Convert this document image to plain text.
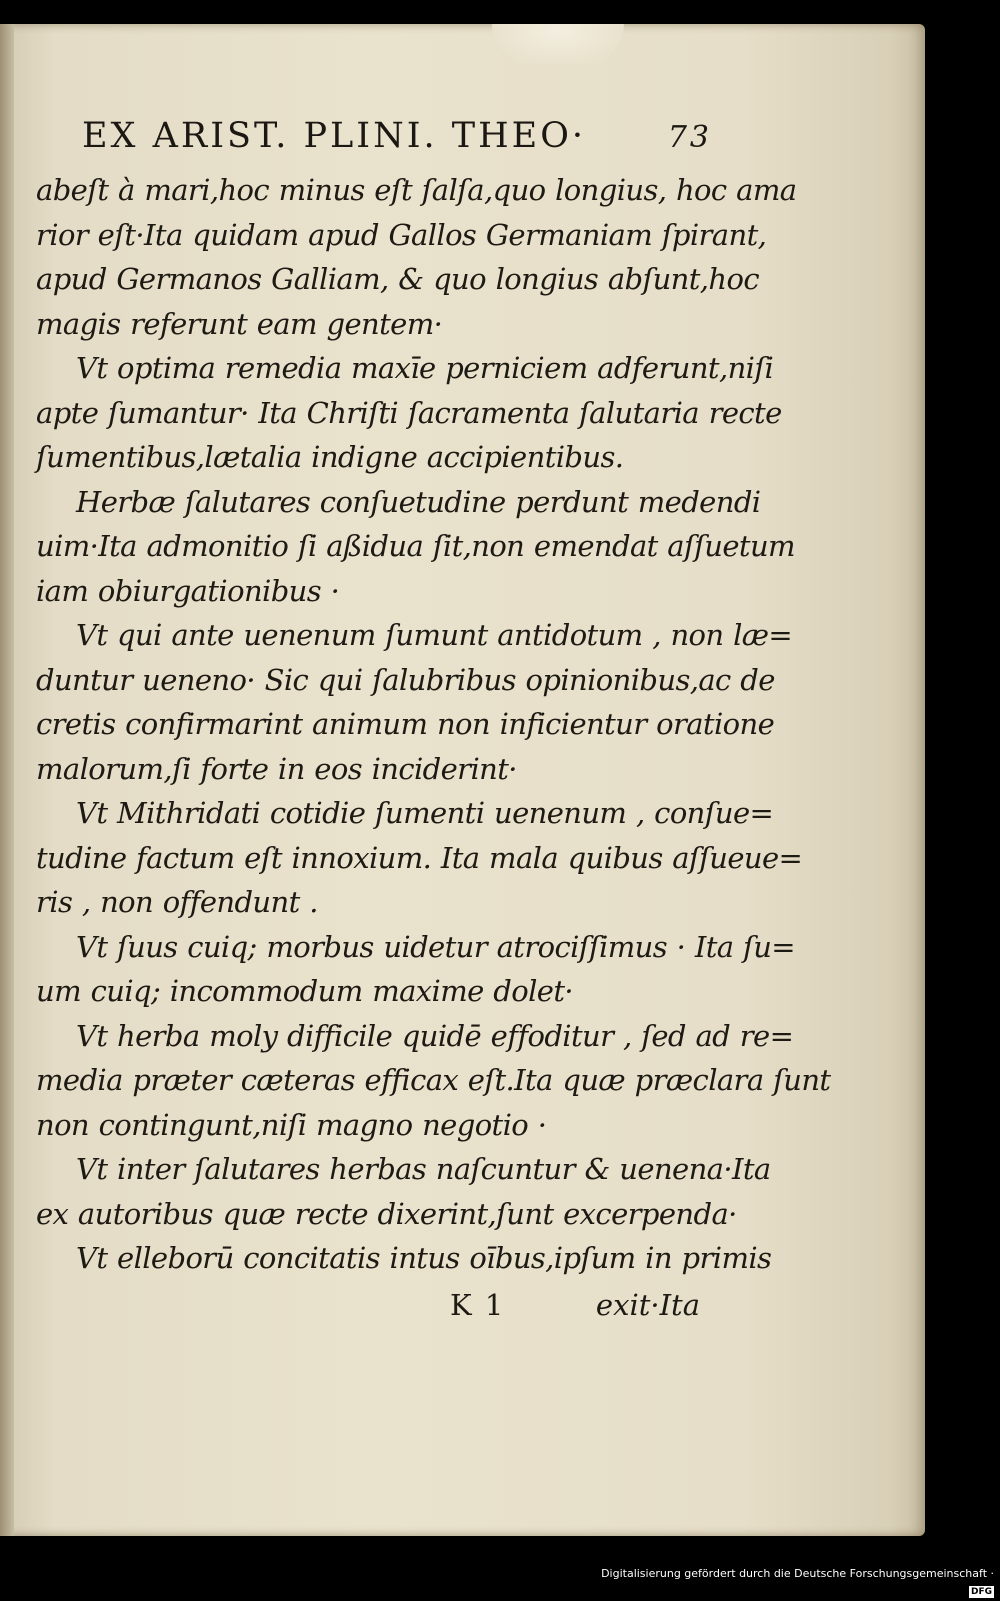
EX ARIST. PLINI. THEO·	73
abeſt à mari,hoc minus eſt ſalſa,quo longius, hoc ama
rior eſt·Ita quidam apud Gallos Germaniam ſpirant,
apud Germanos Galliam, & quo longius abſunt,hoc
magis referunt eam gentem·
Vt optima remedia maxīe perniciem adferunt,niſi
apte ſumantur· Ita Chriſti ſacramenta ſalutaria recte
ſumentibus,lætalia indigne accipientibus.
Herbæ ſalutares conſuetudine perdunt medendi
uim·Ita admonitio ſi aßidua ſit,non emendat aſſuetum
iam obiurgationibus ·
Vt qui ante uenenum ſumunt antidotum , non læ=
duntur ueneno· Sic qui ſalubribus opinionibus,ac de
cretis confirmarint animum non inficientur oratione
malorum,ſi forte in eos inciderint·
Vt Mithridati cotidie ſumenti uenenum , conſue=
tudine factum eſt innoxium. Ita mala quibus aſſueue=
ris , non offendunt .
Vt ſuus cuiq; morbus uidetur atrociſſimus · Ita ſu=
um cuiq; incommodum maxime dolet·
Vt herba moly difficile quidē effoditur , ſed ad re=
media præter cæteras efficax eſt.Ita quæ præclara ſunt
non contingunt,niſi magno negotio ·
Vt inter ſalutares herbas naſcuntur & uenena·Ita
ex autoribus quæ recte dixerint,ſunt excerpenda·
Vt elleborū concitatis intus oībus,ipſum in primis
K 1	exit·Ita
Digitalisierung gefördert durch die Deutsche Forschungsgemeinschaft ·DFG
